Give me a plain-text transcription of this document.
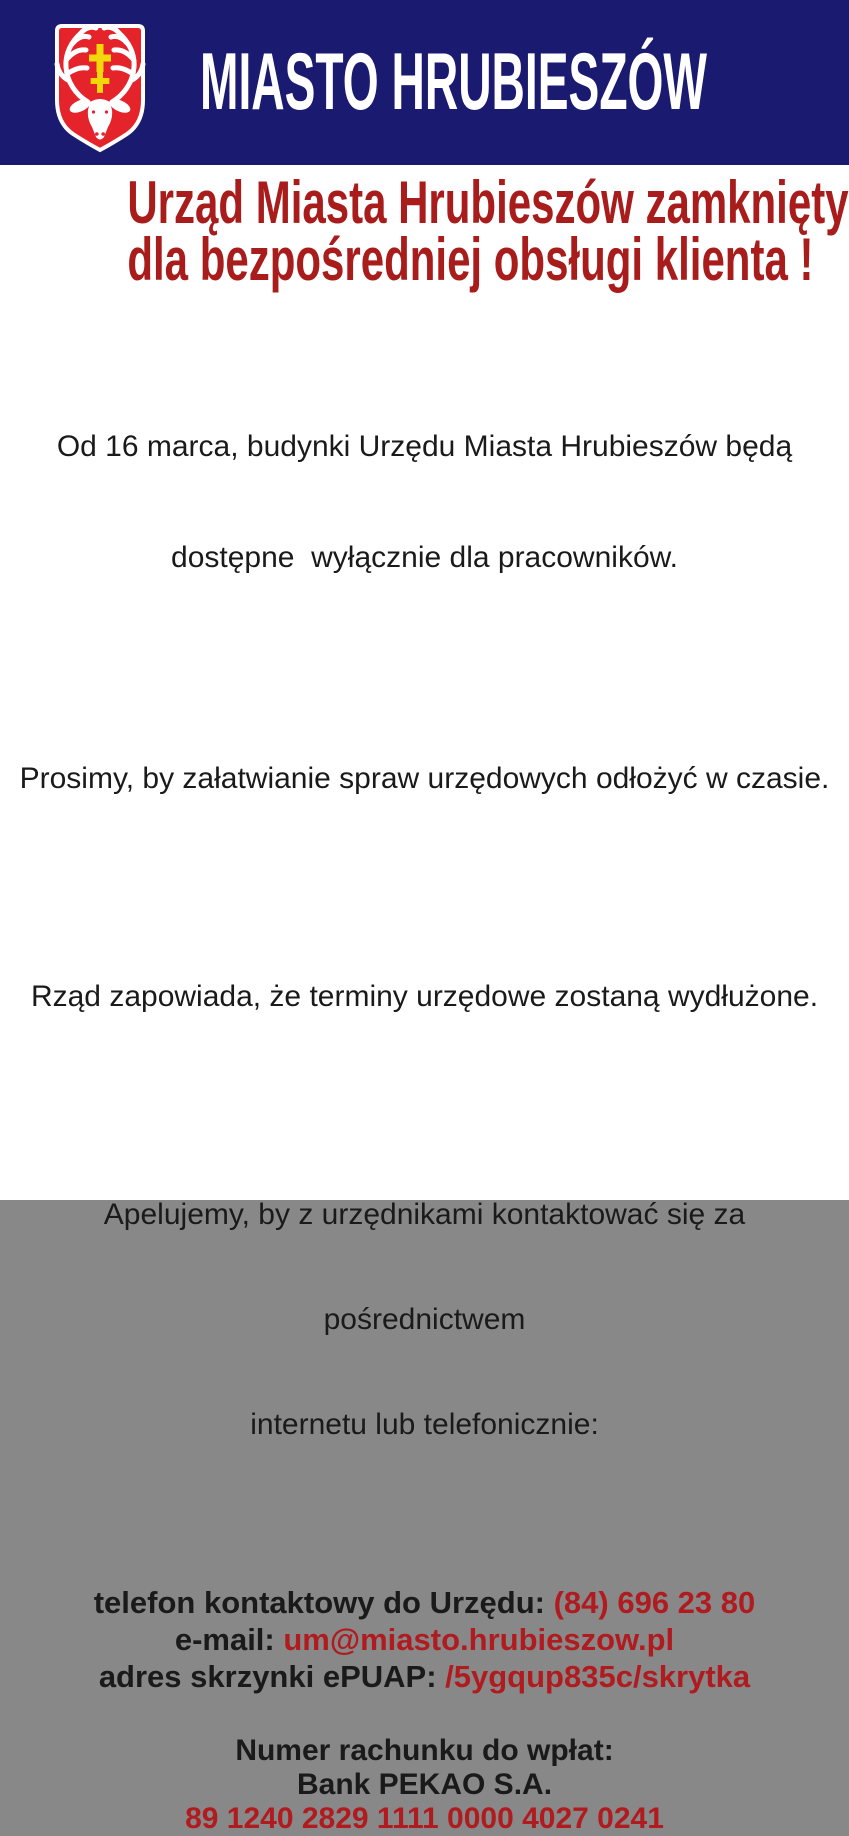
MIASTO HRUBIESZÓW
Urząd Miasta Hrubieszów zamknięty
dla bezpośredniej obsługi klienta !

Od 16 marca, budynki Urzędu Miasta Hrubieszów będą

dostępne  wyłącznie dla pracowników.

Prosimy, by załatwianie spraw urzędowych odłożyć w czasie.

Rząd zapowiada, że terminy urzędowe zostaną wydłużone.

Apelujemy, by z urzędnikami kontaktować się za

pośrednictwem

internetu lub telefonicznie:

telefon kontaktowy do Urzędu: (84) 696 23 80
e-mail: um@miasto.hrubieszow.pl
adres skrzynki ePUAP: /5ygqup835c/skrytka
Numer rachunku do wpłat:
Bank PEKAO S.A.
89 1240 2829 1111 0000 4027 0241
